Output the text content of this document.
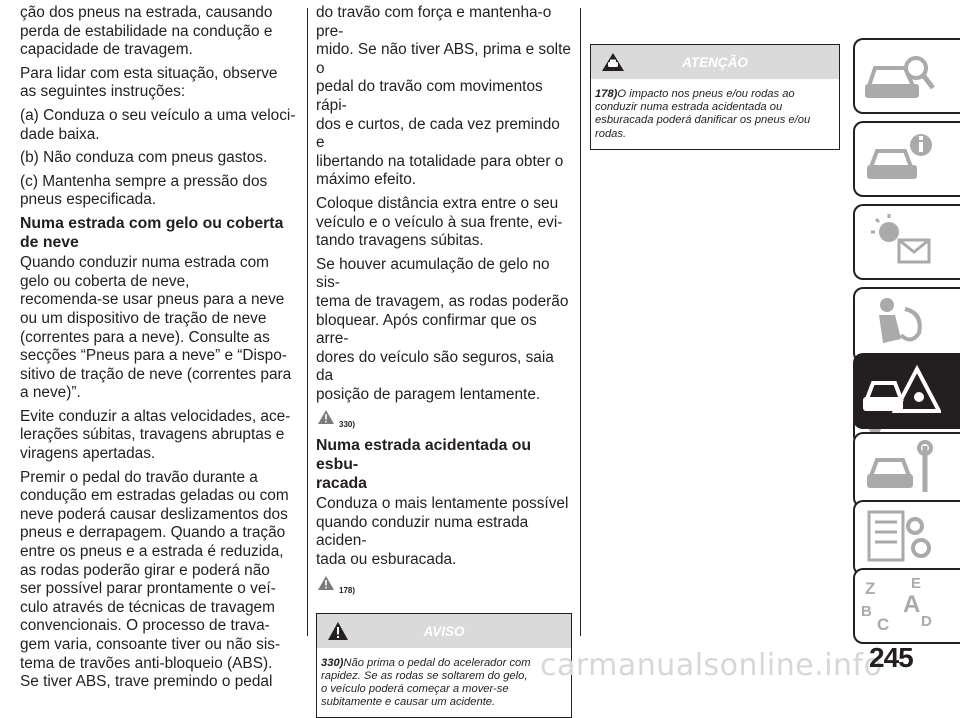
ção dos pneus na estrada, causando
perda de estabilidade na condução e
capacidade de travagem.

Para lidar com esta situação, observe
as seguintes instruções:

(a) Conduza o seu veículo a uma veloci-
dade baixa.

(b) Não conduza com pneus gastos.

(c) Mantenha sempre a pressão dos
pneus especificada.

Numa estrada com gelo ou coberta
de neve

Quando conduzir numa estrada com
gelo ou coberta de neve,
recomenda-se usar pneus para a neve
ou um dispositivo de tração de neve
(correntes para a neve). Consulte as
secções “Pneus para a neve” e “Dispo-
sitivo de tração de neve (correntes para
a neve)”.

Evite conduzir a altas velocidades, ace-
lerações súbitas, travagens abruptas e
viragens apertadas.

Premir o pedal do travão durante a
condução em estradas geladas ou com
neve poderá causar deslizamentos dos
pneus e derrapagem. Quando a tração
entre os pneus e a estrada é reduzida,
as rodas poderão girar e poderá não
ser possível parar prontamente o veí-
culo através de técnicas de travagem
convencionais. O processo de trava-
gem varia, consoante tiver ou não sis-
tema de travões anti-bloqueio (ABS).
Se tiver ABS, trave premindo o pedal

do travão com força e mantenha-o pre-
mido. Se não tiver ABS, prima e solte o
pedal do travão com movimentos rápi-
dos e curtos, de cada vez premindo e
libertando na totalidade para obter o
máximo efeito.

Coloque distância extra entre o seu
veículo e o veículo à sua frente, evi-
tando travagens súbitas.

Se houver acumulação de gelo no sis-
tema de travagem, as rodas poderão
bloquear. Após confirmar que os arre-
dores do veículo são seguros, saia da
posição de paragem lentamente.

330)
Numa estrada acidentada ou esbu-
racada

Conduza o mais lentamente possível
quando conduzir numa estrada aciden-
tada ou esburacada.

178)
AVISO
330)Não prima o pedal do acelerador com
rapidez. Se as rodas se soltarem do gelo,
o veículo poderá começar a mover-se
subitamente e causar um acidente.
ATENÇÃO
178)O impacto nos pneus e/ou rodas ao
conduzir numa estrada acidentada ou
esburacada poderá danificar os pneus e/ou
rodas.
Z E
B A
C D
carmanualsonline.info
245
